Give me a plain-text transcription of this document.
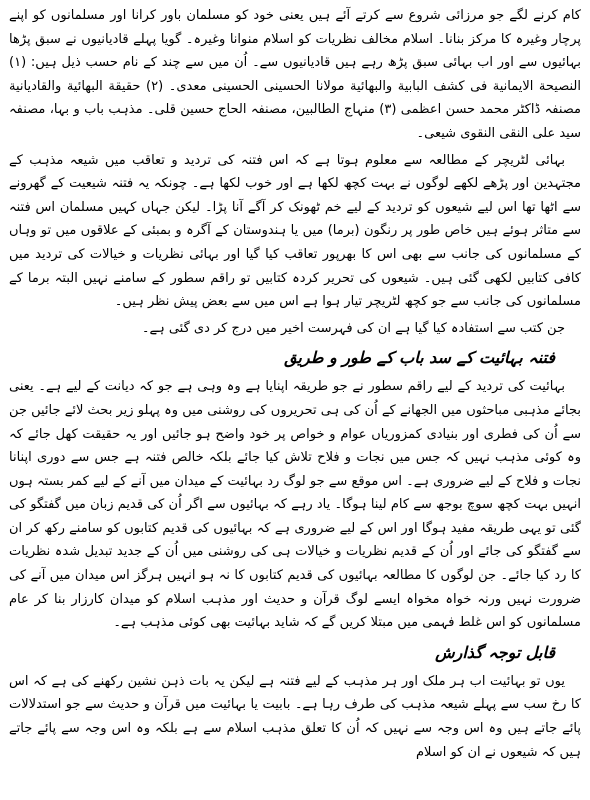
کام کرنے لگے جو مرزائی شروع سے کرتے آئے ہیں یعنی خود کو مسلمان باور کرانا اور مسلمانوں کو اپنے پرچار وغیرہ کا مرکز بنانا۔ اسلام مخالف نظریات کو اسلام منوانا وغیرہ۔ گویا پہلے قادیانیوں نے سبق پڑھا بہائیوں سے اور اب بہائی سبق پڑھ رہے ہیں قادیانیوں سے۔ اُن میں سے چند کے نام حسب ذیل ہیں: (۱) النصیحة الایمانیة فی کشف البابیة والبهائیة مولانا الحسینی الحسینی معدی۔ (۲) حقیقة البهائیة والقادیانیة مصنفہ ڈاکٹر محمد حسن اعظمی (۳) منہاج الطالبین، مصنفہ الحاج حسین قلی۔ مذہب باب و بہا، مصنفہ سید علی النقی النقوی شیعی۔

بہائی لٹریچر کے مطالعہ سے معلوم ہوتا ہے کہ اس فتنہ کی تردید و تعاقب میں شیعہ مذہب کے مجتہدین اور پڑھے لکھے لوگوں نے بہت کچھ لکھا ہے اور خوب لکھا ہے۔ چونکہ یہ فتنہ شیعیت کے گھرونے سے اٹھا تھا اس لیے شیعوں کو تردید کے لیے خم ٹھونک کر آگے آنا پڑا۔ لیکن جہاں کہیں مسلمان اس فتنہ سے متاثر ہوئے ہیں خاص طور پر رنگون (برما) میں یا ہندوستان کے آگرہ و بمبئی کے علاقوں میں تو وہاں کے مسلمانوں کی جانب سے بھی اس کا بھرپور تعاقب کیا گیا اور بہائی نظریات و خیالات کی تردید میں کافی کتابیں لکھی گئی ہیں۔ شیعوں کی تحریر کردہ کتابیں تو راقم سطور کے سامنے نہیں البتہ برما کے مسلمانوں کی جانب سے جو کچھ لٹریچر تیار ہوا ہے اس میں سے بعض پیش نظر ہیں۔

جن کتب سے استفادہ کیا گیا ہے ان کی فہرست اخیر میں درج کر دی گئی ہے۔

فتنہ بہائیت کے سد باب کے طور و طریق

بہائیت کی تردید کے لیے راقم سطور نے جو طریقہ اپنایا ہے وہ وہی ہے جو کہ دیانت کے لیے ہے۔ یعنی بجائے مذہبی مباحثوں میں الجھانے کے اُن کی ہی تحریروں کی روشنی میں وہ پہلو زیر بحث لائے جائیں جن سے اُن کی فطری اور بنیادی کمزوریاں عوام و خواص پر خود واضح ہو جائیں اور یہ حقیقت کھل جائے کہ وہ کوئی مذہب نہیں کہ جس میں نجات و فلاح تلاش کیا جائے بلکہ خالص فتنہ ہے جس سے دوری اپنانا نجات و فلاح کے لیے ضروری ہے۔ اس موقع سے جو لوگ رد بہائیت کے میدان میں آنے کے لیے کمر بستہ ہوں انہیں بہت کچھ سوچ بوجھ سے کام لینا ہوگا۔ یاد رہے کہ بہائیوں سے اگر اُن کی قدیم زبان میں گفتگو کی گئی تو یہی طریقہ مفید ہوگا اور اس کے لیے ضروری ہے کہ بہائیوں کی قدیم کتابوں کو سامنے رکھ کر ان سے گفتگو کی جائے اور اُن کے قدیم نظریات و خیالات ہی کی روشنی میں اُن کے جدید تبدیل شدہ نظریات کا رد کیا جائے۔ جن لوگوں کا مطالعہ بہائیوں کی قدیم کتابوں کا نہ ہو انہیں ہرگز اس میدان میں آنے کی ضرورت نہیں ورنہ خواہ مخواہ ایسے لوگ قرآن و حدیث اور مذہب اسلام کو میدان کارزار بنا کر عام مسلمانوں کو اس غلط فہمی میں مبتلا کریں گے کہ شاید بہائیت بھی کوئی مذہب ہے۔

قابل توجہ گذارش

یوں تو بہائیت اب ہر ملک اور ہر مذہب کے لیے فتنہ ہے لیکن یہ بات ذہن نشین رکھنے کی ہے کہ اس کا رخ سب سے پہلے شیعہ مذہب کی طرف رہا ہے۔ بابیت یا بہائیت میں قرآن و حدیث سے جو استدلالات پائے جاتے ہیں وہ اس وجہ سے نہیں کہ اُن کا تعلق مذہب اسلام سے ہے بلکہ وہ اس وجہ سے پائے جاتے ہیں کہ شیعوں نے ان کو اسلام
